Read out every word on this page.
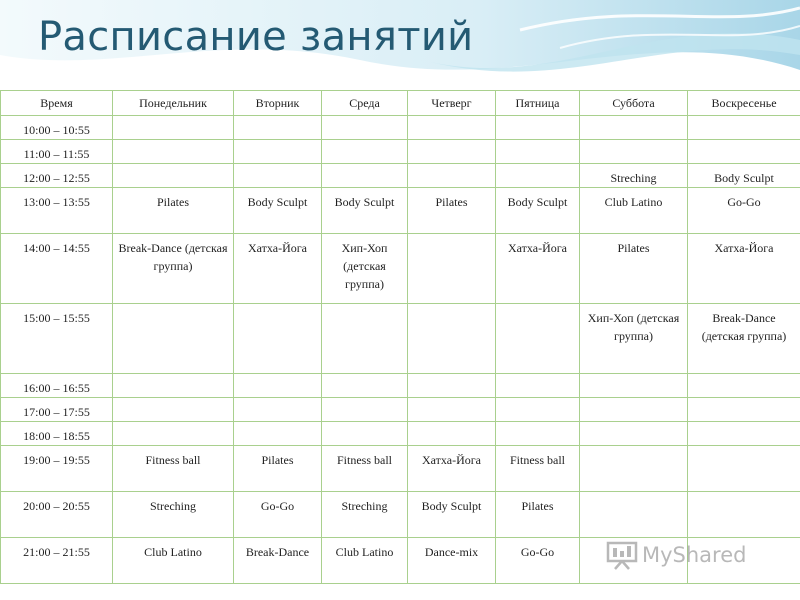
Расписание занятий
Время	Понедельник	Вторник	Среда	Четверг	Пятница	Суббота	Воскресенье
10:00 – 10:55							
11:00 – 11:55							
12:00 – 12:55						Streching	Body Sculpt
13:00 – 13:55	Pilates	Body Sculpt	Body Sculpt	Pilates	Body Sculpt	Club Latino	Go-Go
14:00 – 14:55	Break-Dance (детская группа)	Хатха-Йога	Хип-Хоп (детская группа)		Хатха-Йога	Pilates	Хатха-Йога
15:00 – 15:55						Хип-Хоп (детская группа)	Break-Dance (детская группа)
16:00 – 16:55							
17:00 – 17:55							
18:00 – 18:55							
19:00 – 19:55	Fitness ball	Pilates	Fitness ball	Хатха-Йога	Fitness ball		
20:00 – 20:55	Streching	Go-Go	Streching	Body Sculpt	Pilates		
21:00 – 21:55	Club Latino	Break-Dance	Club Latino	Dance-mix	Go-Go			MyShared
